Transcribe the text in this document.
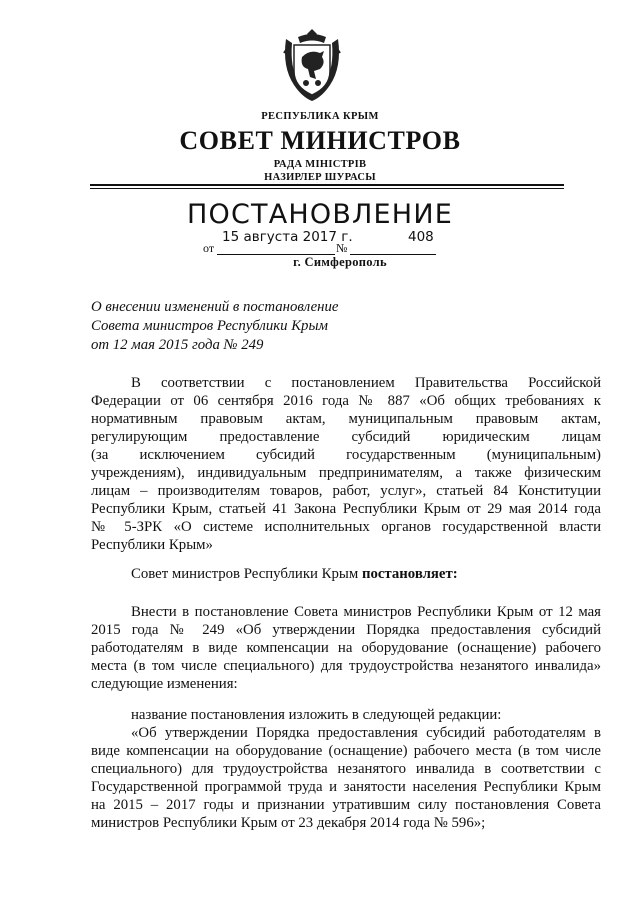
РЕСПУБЛИКА КРЫМ
СОВЕТ МИНИСТРОВ
РАДА МІНІСТРІВ
НАЗИРЛЕР ШУРАСЫ
ПОСТАНОВЛЕНИЕ
15 августа 2017 г.	408
от	№
г. Симферополь
О внесении изменений в постановление
Совета министров Республики Крым
от 12 мая 2015 года № 249
В соответствии с постановлением Правительства Российской
Федерации от 06 сентября 2016 года № 887 «Об общих требованиях к
нормативным правовым актам, муниципальным правовым актам,
регулирующим предоставление субсидий юридическим лицам
(за исключением субсидий государственным (муниципальным)
учреждениям), индивидуальным предпринимателям, а также физическим
лицам – производителям товаров, работ, услуг», статьей 84 Конституции
Республики Крым, статьей 41 Закона Республики Крым от 29 мая 2014 года
№ 5-ЗРК «О системе исполнительных органов государственной власти
Республики Крым»
Совет министров Республики Крым постановляет:
Внести в постановление Совета министров Республики Крым от 12 мая
2015 года № 249 «Об утверждении Порядка предоставления субсидий
работодателям в виде компенсации на оборудование (оснащение) рабочего
места (в том числе специального) для трудоустройства незанятого инвалида»
следующие изменения:
название постановления изложить в следующей редакции:
«Об утверждении Порядка предоставления субсидий работодателям в
виде компенсации на оборудование (оснащение) рабочего места (в том числе
специального) для трудоустройства незанятого инвалида в соответствии с
Государственной программой труда и занятости населения Республики Крым
на 2015 – 2017 годы и признании утратившим силу постановления Совета
министров Республики Крым от 23 декабря 2014 года № 596»;
